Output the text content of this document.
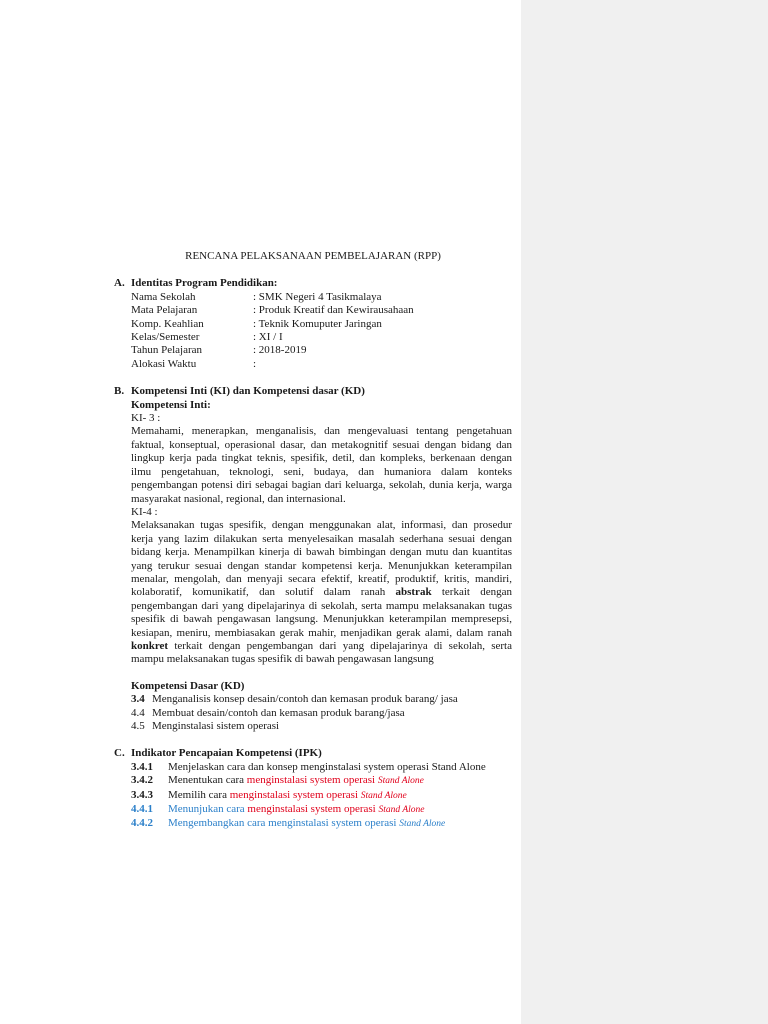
RENCANA PELAKSANAAN PEMBELAJARAN (RPP)
A. Identitas Program Pendidikan:
Nama Sekolah	: SMK Negeri 4 Tasikmalaya
Mata Pelajaran	: Produk Kreatif dan Kewirausahaan
Komp. Keahlian	: Teknik Komuputer Jaringan
Kelas/Semester	: XI / I
Tahun Pelajaran	: 2018-2019
Alokasi Waktu	:
B. Kompetensi Inti (KI) dan Kompetensi dasar (KD)
Kompetensi Inti:
KI- 3 :
Memahami, menerapkan, menganalisis, dan mengevaluasi tentang pengetahuan faktual, konseptual, operasional dasar, dan metakognitif sesuai dengan bidang dan lingkup kerja pada tingkat teknis, spesifik, detil, dan kompleks, berkenaan dengan ilmu pengetahuan, teknologi, seni, budaya, dan humaniora dalam konteks pengembangan potensi diri sebagai bagian dari keluarga, sekolah, dunia kerja, warga masyarakat nasional, regional, dan internasional.
KI-4 :
Melaksanakan tugas spesifik, dengan menggunakan alat, informasi, dan prosedur kerja yang lazim dilakukan serta menyelesaikan masalah sederhana sesuai dengan bidang kerja. Menampilkan kinerja di bawah bimbingan dengan mutu dan kuantitas yang terukur sesuai dengan standar kompetensi kerja. Menunjukkan keterampilan menalar, mengolah, dan menyaji secara efektif, kreatif, produktif, kritis, mandiri, kolaboratif, komunikatif, dan solutif dalam ranah abstrak terkait dengan pengembangan dari yang dipelajarinya di sekolah, serta mampu melaksanakan tugas spesifik di bawah pengawasan langsung. Menunjukkan keterampilan mempresepsi, kesiapan, meniru, membiasakan gerak mahir, menjadikan gerak alami, dalam ranah konkret terkait dengan pengembangan dari yang dipelajarinya di sekolah, serta mampu melaksanakan tugas spesifik di bawah pengawasan langsung
Kompetensi Dasar (KD)
3.4 Menganalisis konsep desain/contoh dan kemasan produk barang/ jasa
4.4 Membuat desain/contoh dan kemasan produk barang/jasa
4.5 Menginstalasi sistem operasi
C. Indikator Pencapaian Kompetensi (IPK)
3.4.1	Menjelaskan cara dan konsep menginstalasi system operasi Stand Alone
3.4.2	Menentukan cara menginstalasi system operasi Stand Alone
3.4.3	Memilih cara menginstalasi system operasi Stand Alone
4.4.1	Menunjukan cara menginstalasi system operasi Stand Alone
4.4.2	Mengembangkan cara menginstalasi system operasi Stand Alone
